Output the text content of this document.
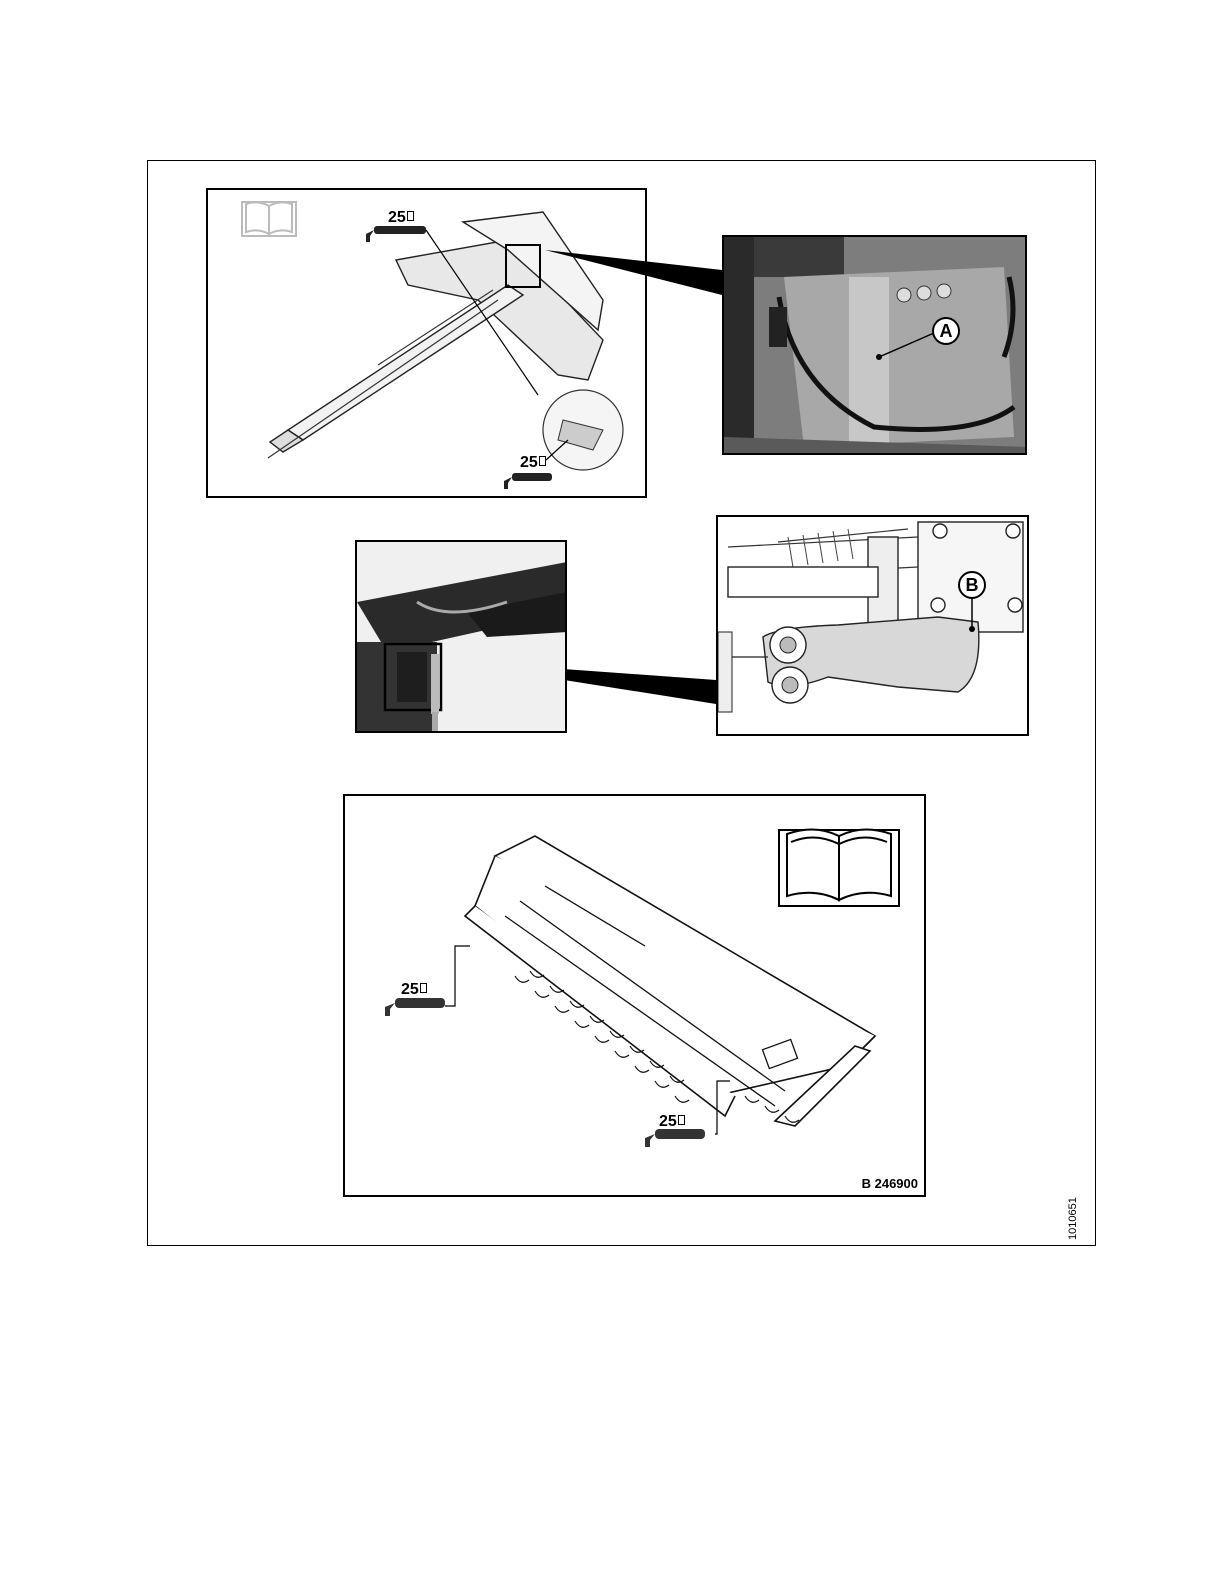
25
25
A
B
25
25
B 246900
1010651
